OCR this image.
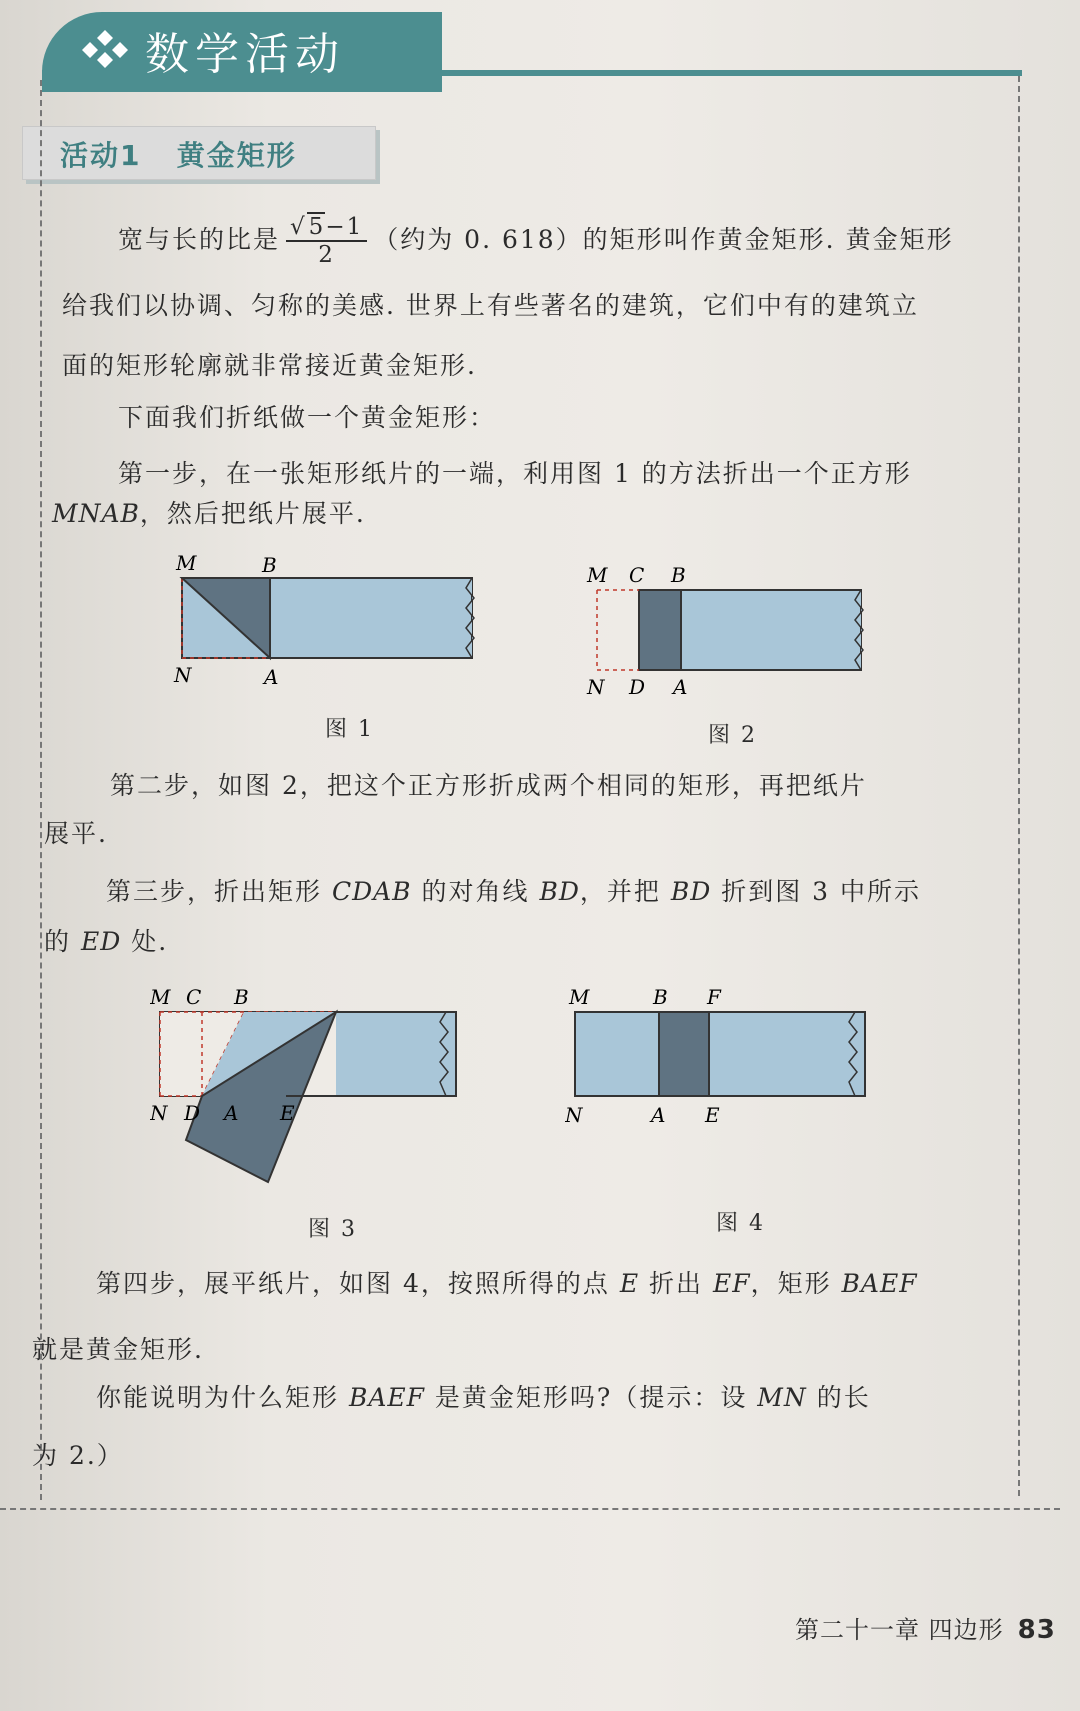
数学活动
活动1   黄金矩形
宽与长的比是 $\frac{√5-1}{2}$ （约为 0. 618）的矩形叫作黄金矩形. 黄金矩形
给我们以协调、匀称的美感. 世界上有些著名的建筑，它们中有的建筑立
面的矩形轮廓就非常接近黄金矩形.
下面我们折纸做一个黄金矩形：
第一步，在一张矩形纸片的一端，利用图 1 的方法折出一个正方形
MNAB，然后把纸片展平.
M	B
N	A
图 1
M C B
N D A
图 2
第二步，如图 2，把这个正方形折成两个相同的矩形，再把纸片
展平.
第三步，折出矩形 CDAB 的对角线 BD，并把 BD 折到图 3 中所示
的 ED 处.
M C B
N D A E
图 3
M	B F
N	A E
图 4
第四步，展平纸片，如图 4，按照所得的点 E 折出 EF，矩形 BAEF
就是黄金矩形.
你能说明为什么矩形 BAEF 是黄金矩形吗?（提示：设 MN 的长
为 2.）
第二十一章 四边形 83
